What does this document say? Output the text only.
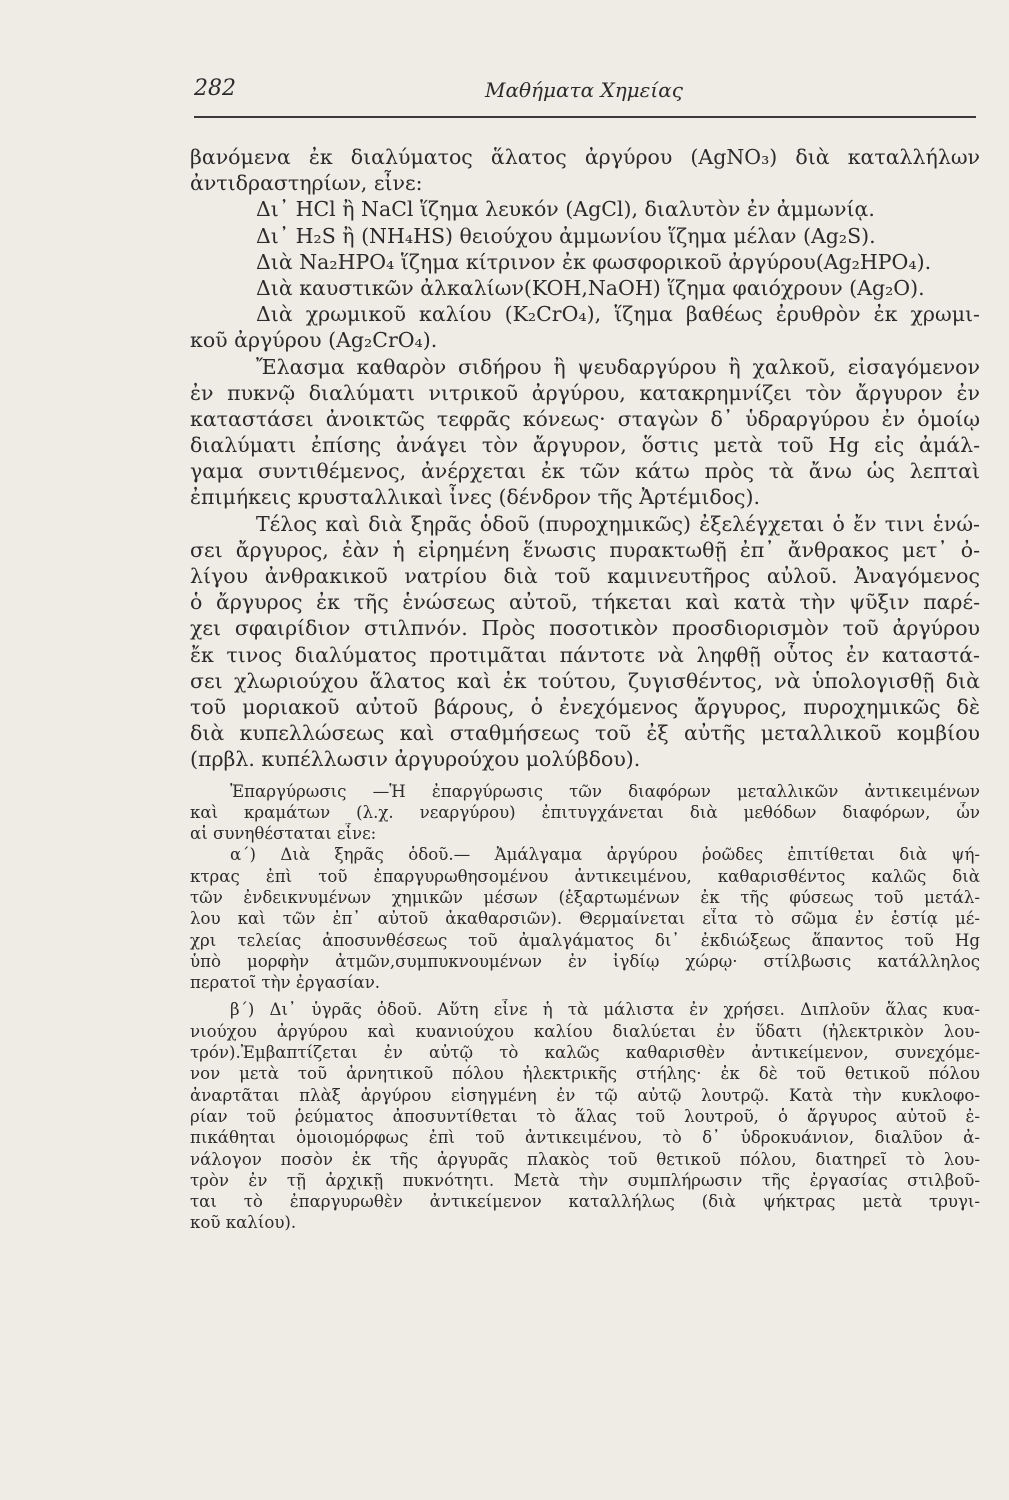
282	Μαθήματα Χημείας
βανόμενα ἐκ διαλύματος ἅλατος ἀργύρου (AgNO₃) διὰ καταλλήλων
ἀντιδραστηρίων, εἶνε:
Δι᾿ HCl ἢ NaCl ἵζημα λευκόν (AgCl), διαλυτὸν ἐν ἀμμωνίᾳ.
Δι᾿ H₂S ἢ (NH₄HS) θειούχου ἀμμωνίου ἵζημα μέλαν (Ag₂S).
Διὰ Na₂HPO₄ ἵζημα κίτρινον ἐκ φωσφορικοῦ ἀργύρου(Ag₂HPO₄).
Διὰ καυστικῶν ἀλκαλίων(KOH,NaOH) ἵζημα φαιόχρουν (Ag₂O).
Διὰ χρωμικοῦ καλίου (K₂CrO₄), ἵζημα βαθέως ἐρυθρὸν ἐκ χρωμι-
κοῦ ἀργύρου (Ag₂CrO₄).
Ἔλασμα καθαρὸν σιδήρου ἢ ψευδαργύρου ἢ χαλκοῦ, εἰσαγόμενον
ἐν πυκνῷ διαλύματι νιτρικοῦ ἀργύρου, κατακρημνίζει τὸν ἄργυρον ἐν
καταστάσει ἀνοικτῶς τεφρᾶς κόνεως· σταγὼν δ᾿ ὑδραργύρου ἐν ὁμοίῳ
διαλύματι ἐπίσης ἀνάγει τὸν ἄργυρον, ὅστις μετὰ τοῦ Hg εἰς ἀμάλ-
γαμα συντιθέμενος, ἀνέρχεται ἐκ τῶν κάτω πρὸς τὰ ἄνω ὡς λεπταὶ
ἐπιμήκεις κρυσταλλικαὶ ἶνες (δένδρον τῆς Ἀρτέμιδος).
Τέλος καὶ διὰ ξηρᾶς ὁδοῦ (πυροχημικῶς) ἐξελέγχεται ὁ ἔν τινι ἑνώ-
σει ἄργυρος, ἐὰν ἡ εἰρημένη ἕνωσις πυρακτωθῇ ἐπ᾿ ἄνθρακος μετ᾿ ὀ-
λίγου ἀνθρακικοῦ νατρίου διὰ τοῦ καμινευτῆρος αὐλοῦ. Ἀναγόμενος
ὁ ἄργυρος ἐκ τῆς ἑνώσεως αὐτοῦ, τήκεται καὶ κατὰ τὴν ψῦξιν παρέ-
χει σφαιρίδιον στιλπνόν. Πρὸς ποσοτικὸν προσδιορισμὸν τοῦ ἀργύρου
ἔκ τινος διαλύματος προτιμᾶται πάντοτε νὰ ληφθῇ οὗτος ἐν καταστά-
σει χλωριούχου ἅλατος καὶ ἐκ τούτου, ζυγισθέντος, νὰ ὑπολογισθῇ διὰ
τοῦ μοριακοῦ αὐτοῦ βάρους, ὁ ἐνεχόμενος ἄργυρος, πυροχημικῶς δὲ
διὰ κυπελλώσεως καὶ σταθμήσεως τοῦ ἐξ αὐτῆς μεταλλικοῦ κομβίου
(πρβλ. κυπέλλωσιν ἀργυρούχου μολύβδου).
Ἐπαργύρωσις —Ἡ ἐπαργύρωσις τῶν διαφόρων μεταλλικῶν ἀντικειμένων
καὶ κραμάτων (λ.χ. νεαργύρου) ἐπιτυγχάνεται διὰ μεθόδων διαφόρων, ὧν
αἱ συνηθέσταται εἶνε:
α΄) Διὰ ξηρᾶς ὁδοῦ.— Ἀμάλγαμα ἀργύρου ῥοῶδες ἐπιτίθεται διὰ ψή-
κτρας ἐπὶ τοῦ ἐπαργυρωθησομένου ἀντικειμένου, καθαρισθέντος καλῶς διὰ
τῶν ἐνδεικνυμένων χημικῶν μέσων (ἐξαρτωμένων ἐκ τῆς φύσεως τοῦ μετάλ-
λου καὶ τῶν ἐπ᾿ αὐτοῦ ἀκαθαρσιῶν). Θερμαίνεται εἶτα τὸ σῶμα ἐν ἑστίᾳ μέ-
χρι τελείας ἀποσυνθέσεως τοῦ ἀμαλγάματος δι᾿ ἐκδιώξεως ἅπαντος τοῦ Hg
ὑπὸ μορφὴν ἀτμῶν,συμπυκνουμένων ἐν ἰγδίῳ χώρῳ· στίλβωσις κατάλληλος
περατοῖ τὴν ἐργασίαν.
β΄) Δι᾿ ὑγρᾶς ὁδοῦ. Αὕτη εἶνε ἡ τὰ μάλιστα ἐν χρήσει. Διπλοῦν ἅλας κυα-
νιούχου ἀργύρου καὶ κυανιούχου καλίου διαλύεται ἐν ὕδατι (ἠλεκτρικὸν λου-
τρόν).Ἐμβαπτίζεται ἐν αὐτῷ τὸ καλῶς καθαρισθὲν ἀντικείμενον, συνεχόμε-
νον μετὰ τοῦ ἀρνητικοῦ πόλου ἠλεκτρικῆς στήλης· ἐκ δὲ τοῦ θετικοῦ πόλου
ἀναρτᾶται πλὰξ ἀργύρου εἰσηγμένη ἐν τῷ αὐτῷ λουτρῷ. Κατὰ τὴν κυκλοφο-
ρίαν τοῦ ῥεύματος ἀποσυντίθεται τὸ ἅλας τοῦ λουτροῦ, ὁ ἄργυρος αὐτοῦ ἐ-
πικάθηται ὁμοιομόρφως ἐπὶ τοῦ ἀντικειμένου, τὸ δ᾿ ὑδροκυάνιον, διαλῦον ἀ-
νάλογον ποσὸν ἐκ τῆς ἀργυρᾶς πλακὸς τοῦ θετικοῦ πόλου, διατηρεῖ τὸ λου-
τρὸν ἐν τῇ ἀρχικῇ πυκνότητι. Μετὰ τὴν συμπλήρωσιν τῆς ἐργασίας στιλβοῦ-
ται τὸ ἐπαργυρωθὲν ἀντικείμενον καταλλήλως (διὰ ψήκτρας μετὰ τρυγι-
κοῦ καλίου).
